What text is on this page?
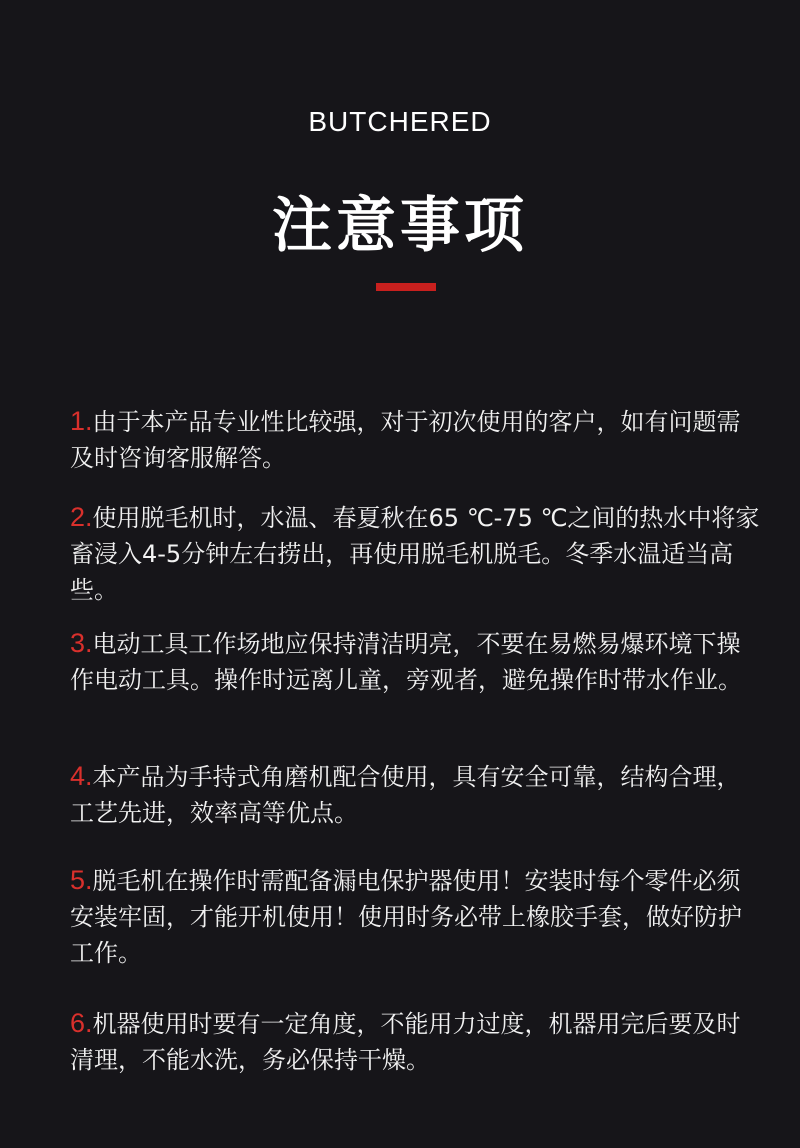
BUTCHERED
注意事项
1.由于本产品专业性比较强，对于初次使用的客户，如有问题需及时咨询客服解答。
2.使用脱毛机时，水温、春夏秋在65 ℃-75 ℃之间的热水中将家畜浸入4-5分钟左右捞出，再使用脱毛机脱毛。冬季水温适当高些。
3.电动工具工作场地应保持清洁明亮，不要在易燃易爆环境下操作电动工具。操作时远离儿童，旁观者，避免操作时带水作业。
4.本产品为手持式角磨机配合使用，具有安全可靠，结构合理，工艺先进，效率高等优点。
5.脱毛机在操作时需配备漏电保护器使用！安装时每个零件必须安装牢固，才能开机使用！使用时务必带上橡胶手套，做好防护工作。
6.机器使用时要有一定角度，不能用力过度，机器用完后要及时清理，不能水洗，务必保持干燥。
